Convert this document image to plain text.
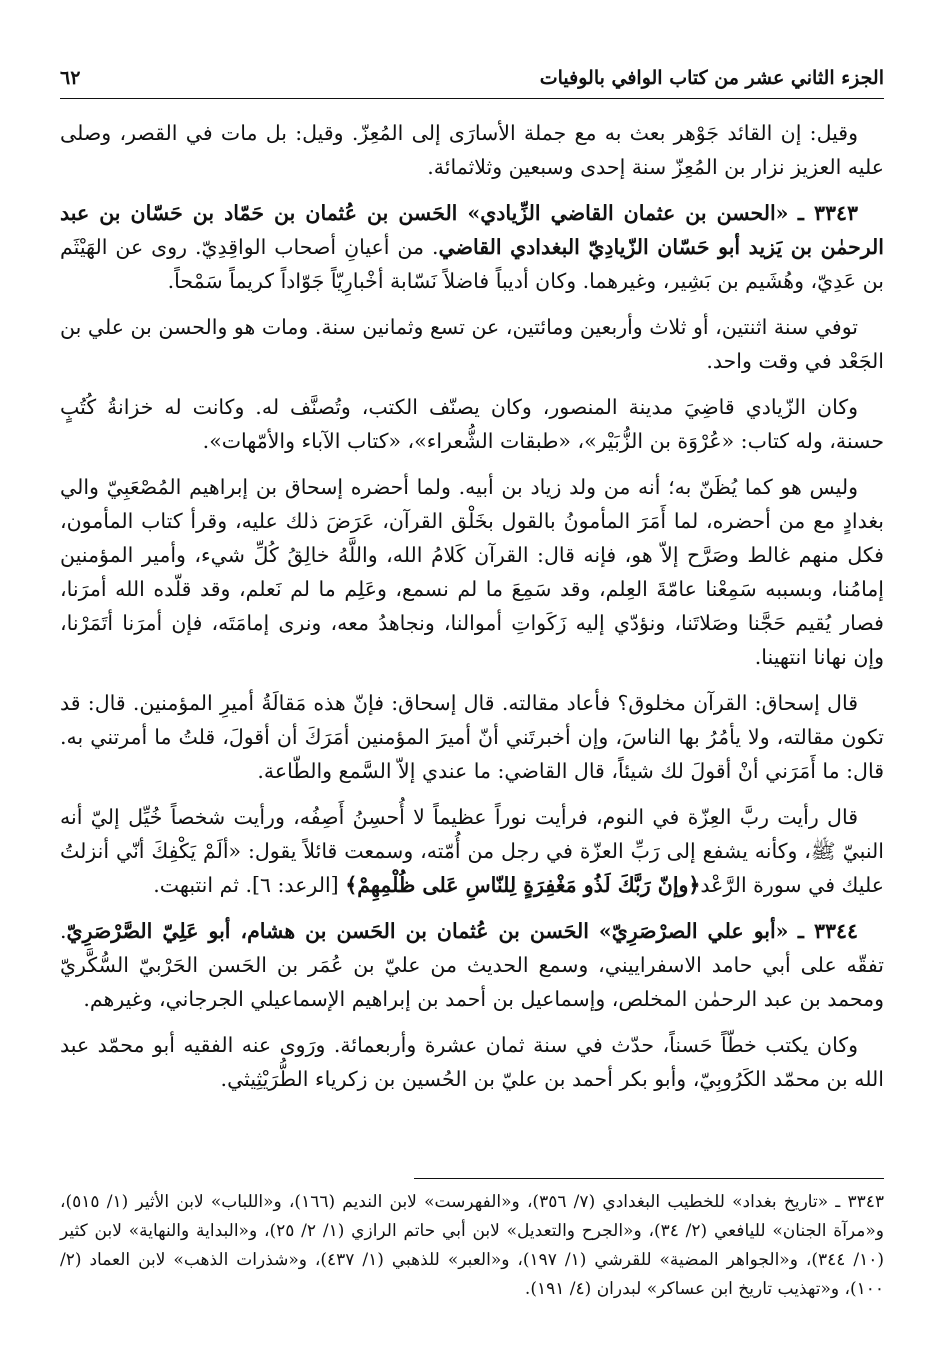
الجزء الثاني عشر من كتاب الوافي بالوفيات
٦٢

وقيل: إن القائد جَوْهر بعث به مع جملة الأسارَى إلى المُعِزّ. وقيل: بل مات في القصر، وصلى عليه العزيز نزار بن المُعِزّ سنة إحدى وسبعين وثلاثمائة.

٣٣٤٣ ـ «الحسن بن عثمان القاضي الزِّيادي» الحَسن بن عُثمان بن حَمّاد بن حَسّان بن عبد الرحمٰن بن يَزيد أبو حَسّان الزّيادِيّ البغدادي القاضي. من أعيانِ أصحاب الواقِدِيّ. روى عن الهَيْثَم بن عَدِيّ، وهُشَيم بن بَشِير، وغيرهما. وكان أديباً فاضلاً نَسّابة أخْبارِيّاً جَوّاداً كريماً سَمْحاً.

توفي سنة اثنتين، أو ثلاث وأربعين ومائتين، عن تسع وثمانين سنة. ومات هو والحسن بن علي بن الجَعْد في وقت واحد.

وكان الزّيادي قاضِيَ مدينة المنصور، وكان يصنّف الكتب، وتُصنَّف له. وكانت له خزانةُ كُتُبٍ حسنة، وله كتاب: «عُرْوَة بن الزُّبَيْر»، «طبقات الشُّعراء»، «كتاب الآباء والأمّهات».

وليس هو كما يُظَنّ به؛ أنه من ولد زياد بن أبيه. ولما أحضره إسحاق بن إبراهيم المُصْعَبِيّ والي بغدادٍ مع من أحضره، لما أَمَرَ المأمونُ بالقول بخَلْق القرآن، عَرَضَ ذلك عليه، وقرأ كتاب المأمون، فكل منهم غالط وصَرَّح إلاّ هو، فإنه قال: القرآن كَلامُ الله، واللَّهُ خالِقُ كُلِّ شيء، وأمير المؤمنين إمامُنا، وبسببه سَمِعْنا عامّةَ العِلم، وقد سَمِعَ ما لم نسمع، وعَلِم ما لم نَعلم، وقد قلّده الله أمرَنا، فصار يُقيم حَجَّنا وصَلاتَنا، ونؤدّي إليه زَكَواتِ أموالنا، ونجاهدُ معه، ونرى إمامَتَه، فإن أمرَنا أتَمَرْنا، وإن نهانا انتهينا.

قال إسحاق: القرآن مخلوق؟ فأعاد مقالته. قال إسحاق: فإنّ هذه مَقالَةُ أميرِ المؤمنين. قال: قد تكون مقالته، ولا يأمُرُ بها الناسَ، وإن أخبرتَني أنّ أميرَ المؤمنين أمَرَكَ أن أقولَ، قلتُ ما أمرتني به. قال: ما أَمَرَني أنْ أقولَ لك شيئاً، قال القاضي: ما عندي إلاّ السَّمع والطّاعة.

قال رأيت ربَّ العِزّة في النوم، فرأيت نوراً عظيماً لا أُحسِنُ أَصِفُه، ورأيت شخصاً خُيِّل إليّ أنه النبيّ ﷺ، وكأنه يشفع إلى رَبِّ العزّة في رجل من أُمّته، وسمعت قائلاً يقول: «ألَمْ يَكْفِكَ أنّي أنزلتُ عليك في سورة الرَّعْد﴿وإنّ رَبَّكَ لَذُو مَغْفِرَةٍ لِلنّاسِ عَلى ظُلْمِهِمْ﴾ [الرعد: ٦]. ثم انتبهت.

٣٣٤٤ ـ «أبو علي الصرْصَرِيّ» الحَسن بن عُثمان بن الحَسن بن هشام، أبو عَلِيّ الصَّرْصَرِيّ. تفقّه على أبي حامد الاسفراييني، وسمع الحديث من عليّ بن عُمَر بن الحَسن الحَرْبيّ السُّكَّريّ ومحمد بن عبد الرحمٰن المخلص، وإسماعيل بن أحمد بن إبراهيم الإسماعيلي الجرجاني، وغيرهم.

وكان يكتب خطّاً حَسناً، حدّث في سنة ثمان عشرة وأربعمائة. ورَوى عنه الفقيه أبو محمّد عبد الله بن محمّد الكَرُوبِيّ، وأبو بكر أحمد بن عليّ بن الحُسين بن زكرياء الطُّرَيْثِيثي.

٣٣٤٣ ـ «تاريخ بغداد» للخطيب البغدادي (٧/ ٣٥٦)، و«الفهرست» لابن النديم (١٦٦)، و«اللباب» لابن الأثير (١/ ٥١٥)، و«مرآة الجنان» لليافعي (٢/ ٣٤)، و«الجرح والتعديل» لابن أبي حاتم الرازي (١/ ٢/ ٢٥)، و«البداية والنهاية» لابن كثير (١٠/ ٣٤٤)، و«الجواهر المضية» للقرشي (١/ ١٩٧)، و«العبر» للذهبي (١/ ٤٣٧)، و«شذرات الذهب» لابن العماد (٢/ ١٠٠)، و«تهذيب تاريخ ابن عساكر» لبدران (٤/ ١٩١).
